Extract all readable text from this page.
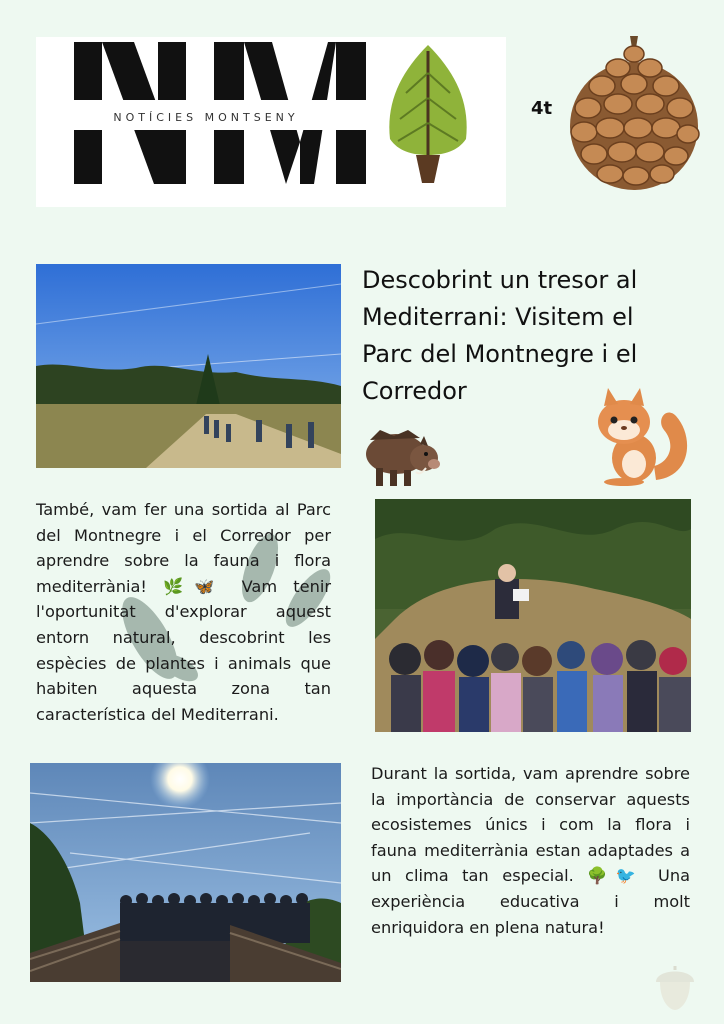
NOTÍCIES MONTSENY	4t
Descobrint un tresor al
Mediterrani: Visitem el
Parc del Montnegre i el
Corredor
També, vam fer una sortida al Parc del Montnegre i el Corredor per aprendre sobre la fauna i flora mediterrània! 🌿🦋 Vam tenir l'oportunitat d'explorar aquest entorn natural, descobrint les espècies de plantes i animals que habiten aquesta zona tan característica del Mediterrani.
Durant la sortida, vam aprendre sobre la importància de conservar aquests ecosistemes únics i com la flora i fauna mediterrània estan adaptades a un clima tan especial. 🌳🐦 Una experiència educativa i molt enriquidora en plena natura!
